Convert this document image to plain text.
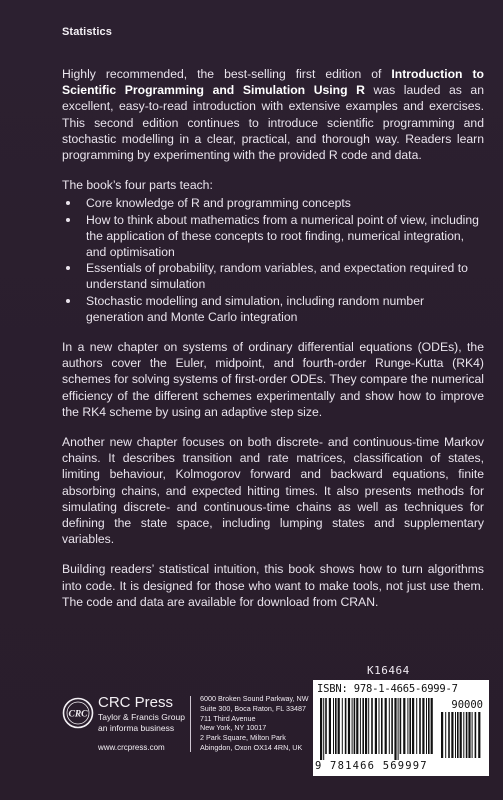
Statistics

Highly recommended, the best-selling first edition of Introduction to Scientific Programming and Simulation Using R was lauded as an excellent, easy-to-read introduction with extensive examples and exercises. This second edition continues to introduce scientific programming and stochastic modelling in a clear, practical, and thorough way. Readers learn programming by experimenting with the provided R code and data.

The book’s four parts teach:

Core knowledge of R and programming concepts
How to think about mathematics from a numerical point of view, including the application of these concepts to root finding, numerical integration, and optimisation
Essentials of probability, random variables, and expectation required to understand simulation
Stochastic modelling and simulation, including random number generation and Monte Carlo integration

In a new chapter on systems of ordinary differential equations (ODEs), the authors cover the Euler, midpoint, and fourth-order Runge-Kutta (RK4) schemes for solving systems of first-order ODEs. They compare the numerical efficiency of the different schemes experimentally and show how to improve the RK4 scheme by using an adaptive step size.

Another new chapter focuses on both discrete- and continuous-time Markov chains. It describes transition and rate matrices, classification of states, limiting behaviour, Kolmogorov forward and backward equations, finite absorbing chains, and expected hitting times. It also presents methods for simulating discrete- and continuous-time chains as well as techniques for defining the state space, including lumping states and supplementary variables.

Building readers’ statistical intuition, this book shows how to turn algorithms into code. It is designed for those who want to make tools, not just use them. The code and data are available for download from CRAN.

K16464
ISBN: 978-1-4665-6999-7
90000
9 781466 569997
CRC
CRC Press
Taylor & Francis Group
an informa business
www.crcpress.com
6000 Broken Sound Parkway, NW
Suite 300, Boca Raton, FL 33487
711 Third Avenue
New York, NY 10017
2 Park Square, Milton Park
Abingdon, Oxon OX14 4RN, UK
